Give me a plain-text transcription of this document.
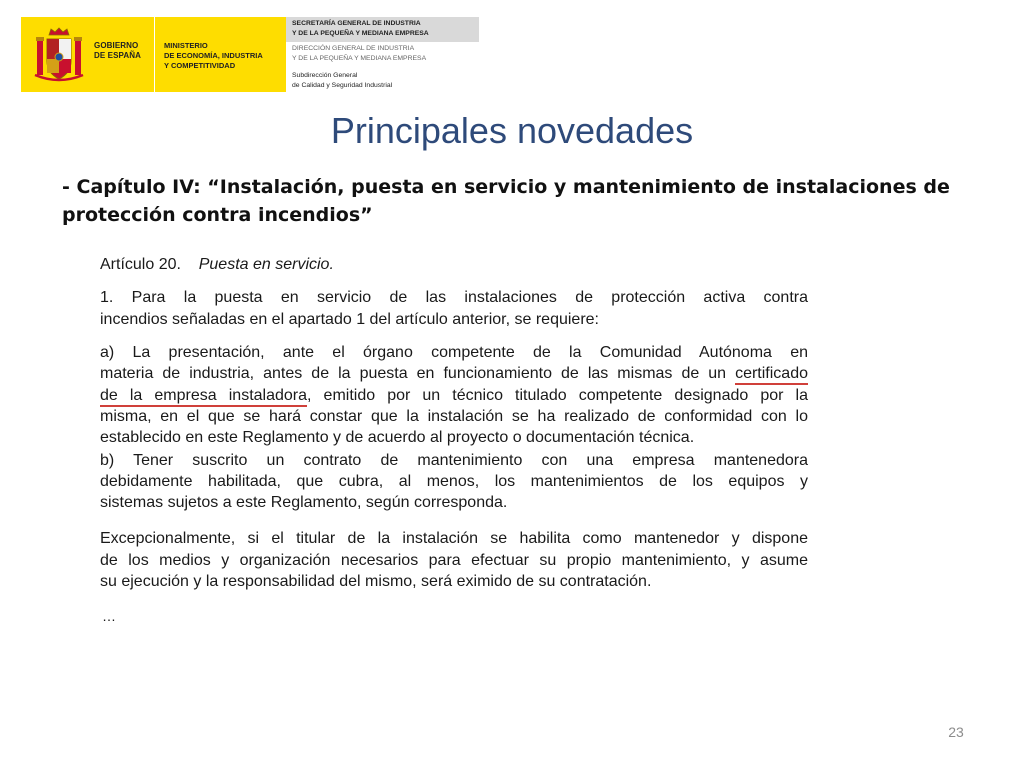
GOBIERNO
DE ESPAÑA
MINISTERIO
DE ECONOMÍA, INDUSTRIA
Y COMPETITIVIDAD
SECRETARÍA GENERAL DE INDUSTRIA
Y DE LA PEQUEÑA Y MEDIANA EMPRESA
DIRECCIÓN GENERAL DE INDUSTRIA
Y DE LA PEQUEÑA Y MEDIANA EMPRESA
Subdirección General
de Calidad y Seguridad Industrial
Principales novedades
- Capítulo IV: “Instalación, puesta en servicio y mantenimiento de instalaciones de
protección contra incendios”
Artículo 20. Puesta en servicio.
1. Para la puesta en servicio de las instalaciones de protección activa contra
incendios señaladas en el apartado 1 del artículo anterior, se requiere:
a) La presentación, ante el órgano competente de la Comunidad Autónoma en
materia de industria, antes de la puesta en funcionamiento de las mismas de un certificado
de la empresa instaladora, emitido por un técnico titulado competente designado por la
misma, en el que se hará constar que la instalación se ha realizado de conformidad con lo
establecido en este Reglamento y de acuerdo al proyecto o documentación técnica.
b) Tener suscrito un contrato de mantenimiento con una empresa mantenedora
debidamente habilitada, que cubra, al menos, los mantenimientos de los equipos y
sistemas sujetos a este Reglamento, según corresponda.
Excepcionalmente, si el titular de la instalación se habilita como mantenedor y dispone
de los medios y organización necesarios para efectuar su propio mantenimiento, y asume
su ejecución y la responsabilidad del mismo, será eximido de su contratación.
…
23
